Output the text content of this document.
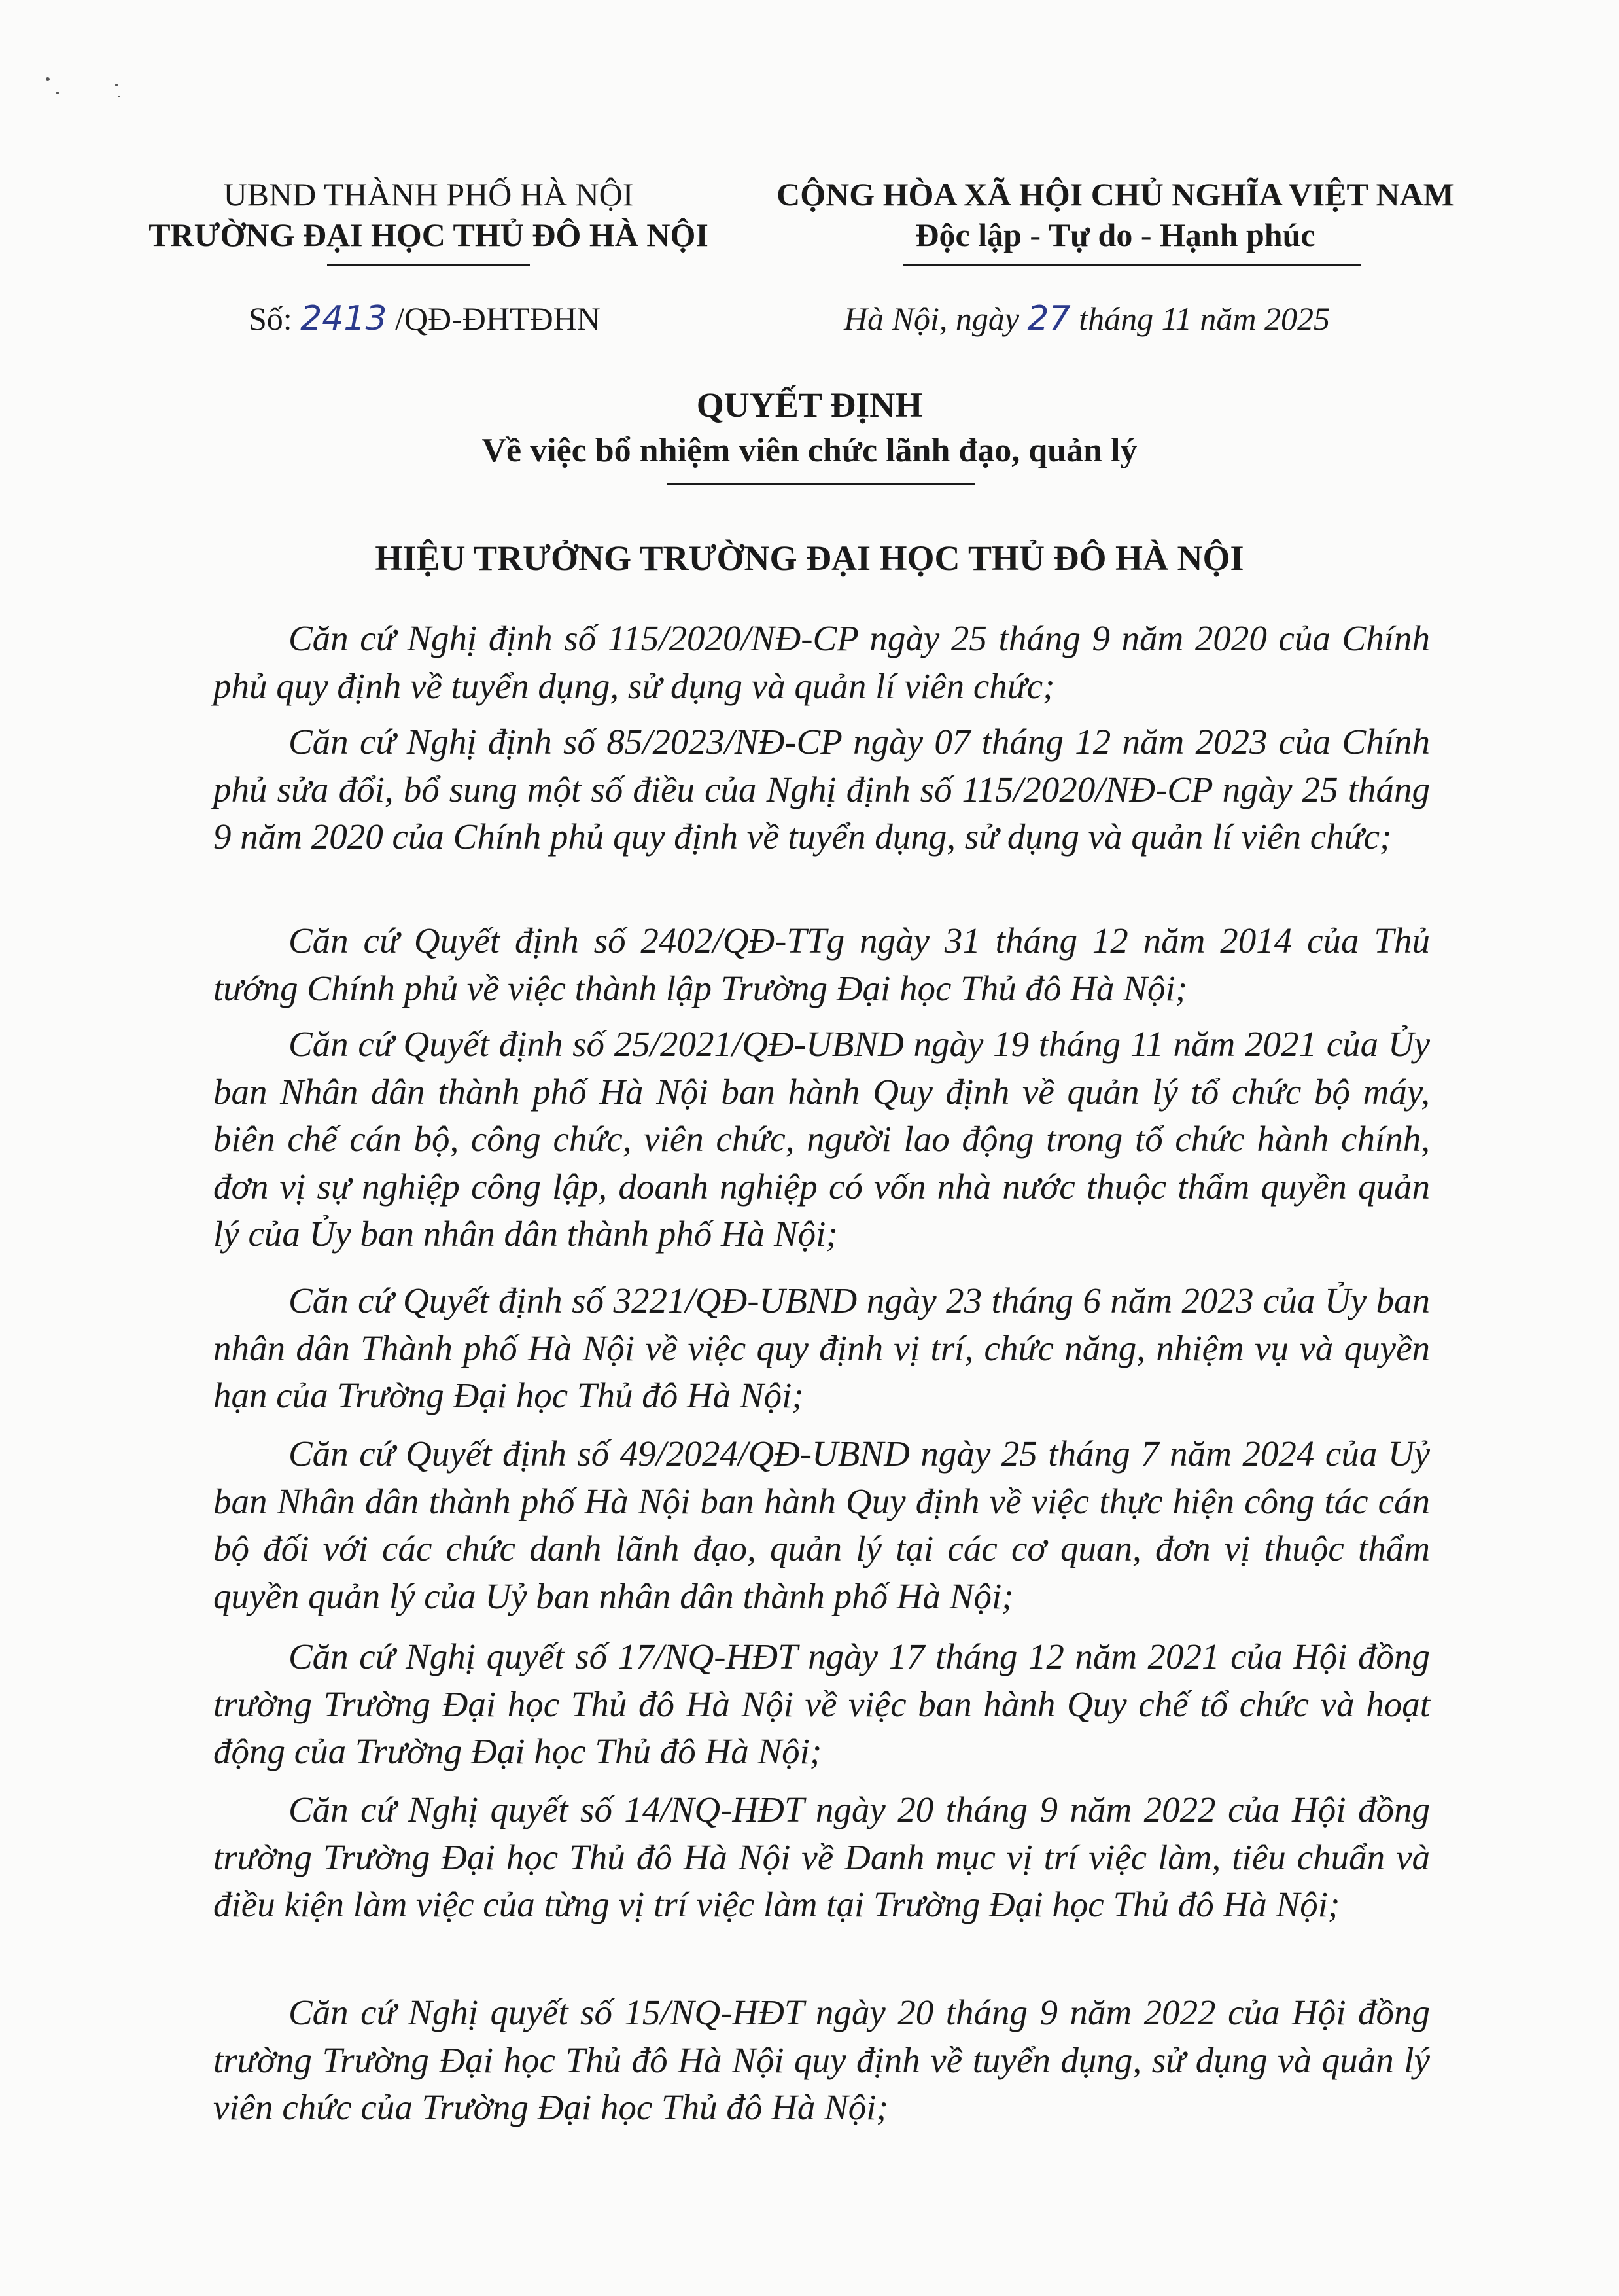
UBND THÀNH PHỐ HÀ NỘI
TRƯỜNG ĐẠI HỌC THỦ ĐÔ HÀ NỘI
CỘNG HÒA XÃ HỘI CHỦ NGHĨA VIỆT NAM
Độc lập - Tự do - Hạnh phúc
Số: 2413 /QĐ-ĐHTĐHN	Hà Nội, ngày 27 tháng 11 năm 2025
QUYẾT ĐỊNH
Về việc bổ nhiệm viên chức lãnh đạo, quản lý
HIỆU TRƯỞNG TRƯỜNG ĐẠI HỌC THỦ ĐÔ HÀ NỘI

Căn cứ Nghị định số 115/2020/NĐ-CP ngày 25 tháng 9 năm 2020 của Chính phủ quy định về tuyển dụng, sử dụng và quản lí viên chức;

Căn cứ Nghị định số 85/2023/NĐ-CP ngày 07 tháng 12 năm 2023 của Chính phủ sửa đổi, bổ sung một số điều của Nghị định số 115/2020/NĐ-CP ngày 25 tháng 9 năm 2020 của Chính phủ quy định về tuyển dụng, sử dụng và quản lí viên chức;

Căn cứ Quyết định số 2402/QĐ-TTg ngày 31 tháng 12 năm 2014 của Thủ tướng Chính phủ về việc thành lập Trường Đại học Thủ đô Hà Nội;

Căn cứ Quyết định số 25/2021/QĐ-UBND ngày 19 tháng 11 năm 2021 của Ủy ban Nhân dân thành phố Hà Nội ban hành Quy định về quản lý tổ chức bộ máy, biên chế cán bộ, công chức, viên chức, người lao động trong tổ chức hành chính, đơn vị sự nghiệp công lập, doanh nghiệp có vốn nhà nước thuộc thẩm quyền quản lý của Ủy ban nhân dân thành phố Hà Nội;

Căn cứ Quyết định số 3221/QĐ-UBND ngày 23 tháng 6 năm 2023 của Ủy ban nhân dân Thành phố Hà Nội về việc quy định vị trí, chức năng, nhiệm vụ và quyền hạn của Trường Đại học Thủ đô Hà Nội;

Căn cứ Quyết định số 49/2024/QĐ-UBND ngày 25 tháng 7 năm 2024 của Uỷ ban Nhân dân thành phố Hà Nội ban hành Quy định về việc thực hiện công tác cán bộ đối với các chức danh lãnh đạo, quản lý tại các cơ quan, đơn vị thuộc thẩm quyền quản lý của Uỷ ban nhân dân thành phố Hà Nội;

Căn cứ Nghị quyết số 17/NQ-HĐT ngày 17 tháng 12 năm 2021 của Hội đồng trường Trường Đại học Thủ đô Hà Nội về việc ban hành Quy chế tổ chức và hoạt động của Trường Đại học Thủ đô Hà Nội;

Căn cứ Nghị quyết số 14/NQ-HĐT ngày 20 tháng 9 năm 2022 của Hội đồng trường Trường Đại học Thủ đô Hà Nội về Danh mục vị trí việc làm, tiêu chuẩn và điều kiện làm việc của từng vị trí việc làm tại Trường Đại học Thủ đô Hà Nội;

Căn cứ Nghị quyết số 15/NQ-HĐT ngày 20 tháng 9 năm 2022 của Hội đồng trường Trường Đại học Thủ đô Hà Nội quy định về tuyển dụng, sử dụng và quản lý viên chức của Trường Đại học Thủ đô Hà Nội;
